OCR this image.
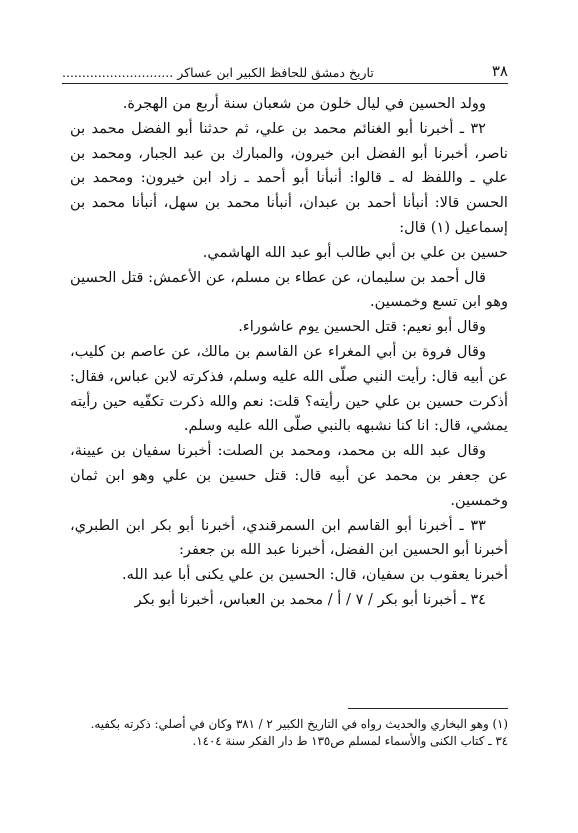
٣٨
تاريخ دمشق للحافظ الكبير ابن عساكر ............................

وولد الحسين في ليال خلون من شعبان سنة أربع من الهجرة.

٣٢ ـ أخبرنا أبو الغنائم محمد بن علي، ثم حدثنا أبو الفضل محمد بن ناصر، أخبرنا أبو الفضل ابن خيرون، والمبارك بن عبد الجبار، ومحمد بن علي ـ واللفظ له ـ قالوا: أنبأنا أبو أحمد ـ زاد ابن خيرون: ومحمد بن الحسن قالا: أنبأنا أحمد بن عبدان، أنبأنا محمد بن سهل، أنبأنا محمد بن إسماعيل (١) قال:

حسين بن علي بن أبي طالب أبو عبد الله الهاشمي.

قال أحمد بن سليمان، عن عطاء بن مسلم، عن الأعمش: قتل الحسين وهو ابن تسع وخمسين.

وقال أبو نعيم: قتل الحسين يوم عاشوراء.

وقال فروة بن أبي المغراء عن القاسم بن مالك، عن عاصم بن كليب، عن أبيه قال: رأيت النبي صلّى الله عليه وسلم، فذكرته لابن عباس، فقال: أذكرت حسين بن علي حين رأيته؟ قلت: نعم والله ذكرت تكفّيه حين رأيته يمشي، قال: انا كنا نشبهه بالنبي صلّى الله عليه وسلم.

وقال عبد الله بن محمد، ومحمد بن الصلت: أخبرنا سفيان بن عيينة، عن جعفر بن محمد عن أبيه قال: قتل حسين بن علي وهو ابن ثمان وخمسين.

٣٣ ـ أخبرنا أبو القاسم ابن السمرقندي، أخبرنا أبو بكر ابن الطبري، أخبرنا أبو الحسين ابن الفضل، أخبرنا عبد الله بن جعفر:

أخبرنا يعقوب بن سفيان، قال: الحسين بن علي يكنى أبا عبد الله.

٣٤ ـ أخبرنا أبو بكر / ٧ / أ / محمد بن العباس، أخبرنا أبو بكر

(١) وهو البخاري والحديث رواه في التاريخ الكبير ٢ / ٣٨١ وكان في أصلي: ذكرته بكفيه.

٣٤ ـ كتاب الكنى والأسماء لمسلم ص١٣٥ ط دار الفكر سنة ١٤٠٤.
